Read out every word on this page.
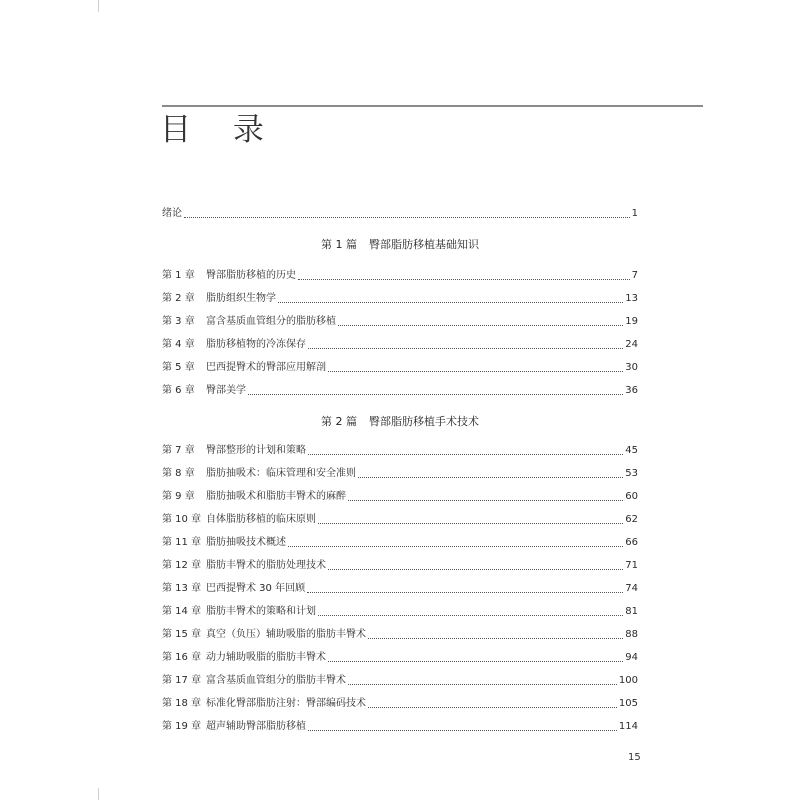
目 录
绪论	1
第 1 篇 臀部脂肪移植基础知识
第 1 章	臀部脂肪移植的历史	7
第 2 章	脂肪组织生物学	13
第 3 章	富含基质血管组分的脂肪移植	19
第 4 章	脂肪移植物的冷冻保存	24
第 5 章	巴西提臀术的臀部应用解剖	30
第 6 章	臀部美学	36
第 2 篇 臀部脂肪移植手术技术
第 7 章	臀部整形的计划和策略	45
第 8 章	脂肪抽吸术：临床管理和安全准则	53
第 9 章	脂肪抽吸术和脂肪丰臀术的麻醉	60
第 10 章 自体脂肪移植的临床原则	62
第 11 章 脂肪抽吸技术概述	66
第 12 章 脂肪丰臀术的脂肪处理技术	71
第 13 章 巴西提臀术 30 年回顾	74
第 14 章 脂肪丰臀术的策略和计划	81
第 15 章 真空（负压）辅助吸脂的脂肪丰臀术	88
第 16 章 动力辅助吸脂的脂肪丰臀术	94
第 17 章 富含基质血管组分的脂肪丰臀术	100
第 18 章 标准化臀部脂肪注射：臀部编码技术	105
第 19 章 超声辅助臀部脂肪移植	114
15
